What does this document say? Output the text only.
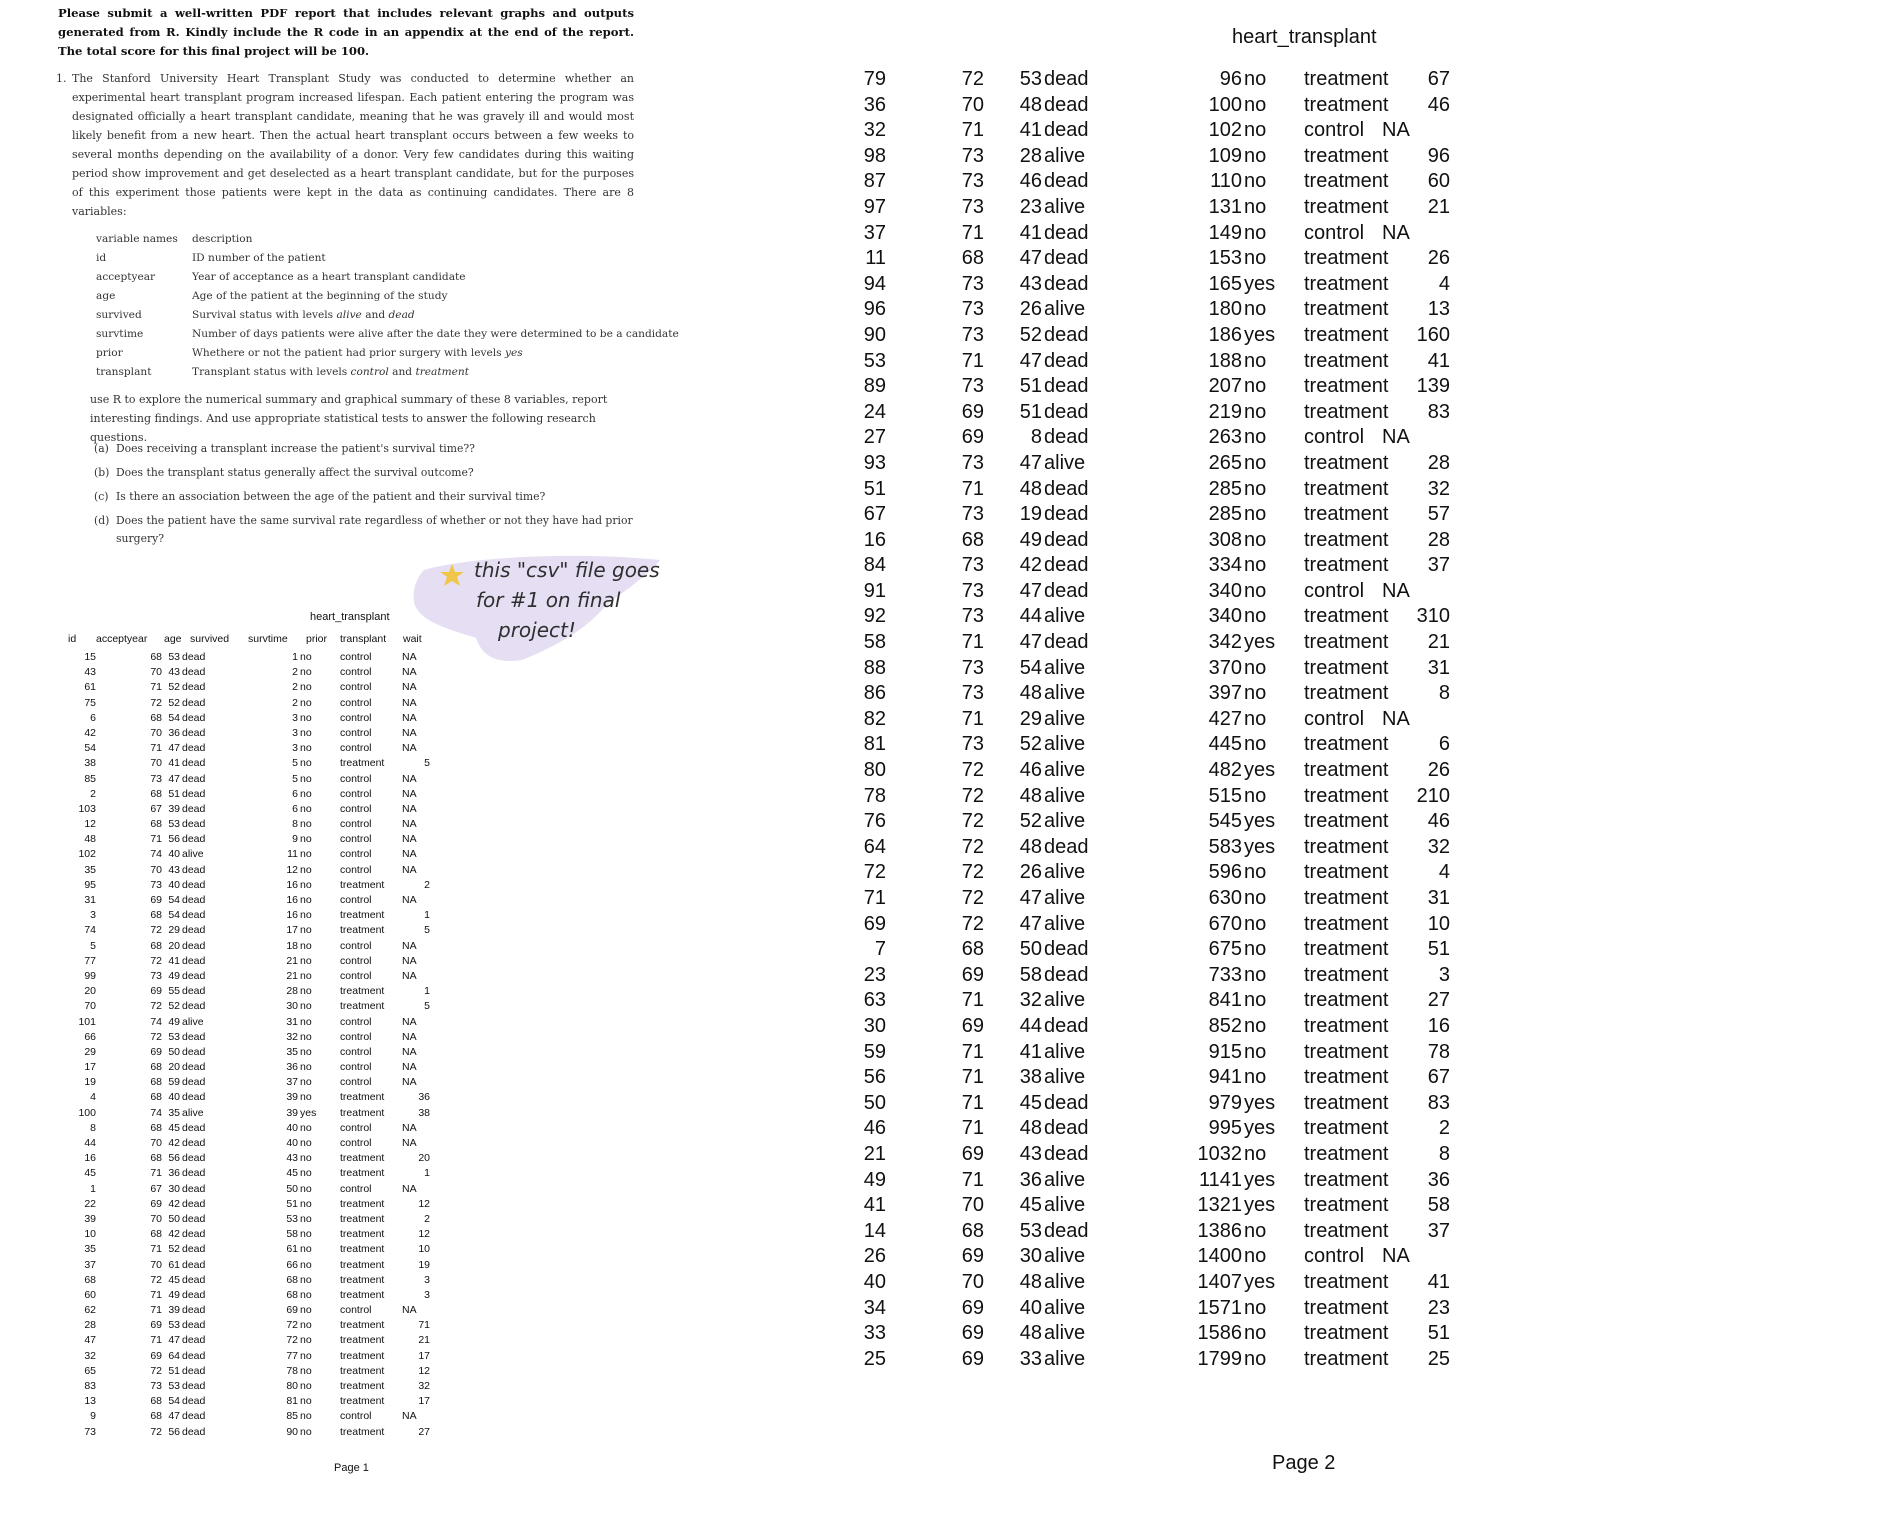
Please submit a well-written PDF report that includes relevant graphs and outputs generated from R. Kindly include the R code in an appendix at the end of the report. The total score for this final project will be 100.
1. The Stanford University Heart Transplant Study was conducted to determine whether an experimental heart transplant program increased lifespan. Each patient entering the program was designated officially a heart transplant candidate, meaning that he was gravely ill and would most likely benefit from a new heart. Then the actual heart transplant occurs between a few weeks to several months depending on the availability of a donor. Very few candidates during this waiting period show improvement and get deselected as a heart transplant candidate, but for the purposes of this experiment those patients were kept in the data as continuing candidates. There are 8 variables:
variable names description
id	ID number of the patient
acceptyear	Year of acceptance as a heart transplant candidate
age	Age of the patient at the beginning of the study
survived	Survival status with levels alive and dead
survtime	Number of days patients were alive after the date they were determined to be a candidate
prior	Whethere or not the patient had prior surgery with levels yes
transplant	Transplant status with levels control and treatment
use R to explore the numerical summary and graphical summary of these 8 variables, report interesting findings. And use appropriate statistical tests to answer the following research questions.
(a) Does receiving a transplant increase the patient's survival time??
(b) Does the transplant status generally affect the survival outcome?
(c) Is there an association between the age of the patient and their survival time?
(d) Does the patient have the same survival rate regardless of whether or not they have had prior surgery?
this "csv" file goes
for #1 on final
project!
heart_transplant
id acceptyear age survived survtime prior transplant wait
15	68 53 dead	1 no	control	NA
43	70 43 dead	2 no	control	NA
61	71 52 dead	2 no	control	NA
75	72 52 dead	2 no	control	NA
6	68 54 dead	3 no	control	NA
42	70 36 dead	3 no	control	NA
54	71 47 dead	3 no	control	NA
38	70 41 dead	5 no	treatment	5
85	73 47 dead	5 no	control	NA
2	68 51 dead	6 no	control	NA
103	67 39 dead	6 no	control	NA
12	68 53 dead	8 no	control	NA
48	71 56 dead	9 no	control	NA
102	74 40 alive	11 no	control	NA
35	70 43 dead	12 no	control	NA
95	73 40 dead	16 no	treatment	2
31	69 54 dead	16 no	control	NA
3	68 54 dead	16 no	treatment	1
74	72 29 dead	17 no	treatment	5
5	68 20 dead	18 no	control	NA
77	72 41 dead	21 no	control	NA
99	73 49 dead	21 no	control	NA
20	69 55 dead	28 no	treatment	1
70	72 52 dead	30 no	treatment	5
101	74 49 alive	31 no	control	NA
66	72 53 dead	32 no	control	NA
29	69 50 dead	35 no	control	NA
17	68 20 dead	36 no	control	NA
19	68 59 dead	37 no	control	NA
4	68 40 dead	39 no	treatment	36
100	74 35 alive	39 yes treatment	38
8	68 45 dead	40 no	control	NA
44	70 42 dead	40 no	control	NA
16	68 56 dead	43 no	treatment	20
45	71 36 dead	45 no	treatment	1
1	67 30 dead	50 no	control	NA
22	69 42 dead	51 no	treatment	12
39	70 50 dead	53 no	treatment	2
10	68 42 dead	58 no	treatment	12
35	71 52 dead	61 no	treatment	10
37	70 61 dead	66 no	treatment	19
68	72 45 dead	68 no	treatment	3
60	71 49 dead	68 no	treatment	3
62	71 39 dead	69 no	control	NA
28	69 53 dead	72 no	treatment	71
47	71 47 dead	72 no	treatment	21
32	69 64 dead	77 no	treatment	17
65	72 51 dead	78 no	treatment	12
83	73 53 dead	80 no	treatment	32
13	68 54 dead	81 no	treatment	17
9	68 47 dead	85 no	control	NA
73	72 56 dead	90 no	treatment	27
Page 1
heart_transplant
79	72	53 dead	96 no treatment	67
36	70	48 dead	100 no treatment	46
32	71	41 dead	102 no control NA
98	73	28 alive	109 no treatment	96
87	73	46 dead	110 no treatment	60
97	73	23 alive	131 no treatment	21
37	71	41 dead	149 no control NA
11	68	47 dead	153 no treatment	26
94	73	43 dead	165 yes treatment	4
96	73	26 alive	180 no treatment	13
90	73	52 dead	186 yes treatment	160
53	71	47 dead	188 no treatment	41
89	73	51 dead	207 no treatment	139
24	69	51 dead	219 no treatment	83
27	69	8 dead	263 no control NA
93	73	47 alive	265 no treatment	28
51	71	48 dead	285 no treatment	32
67	73	19 dead	285 no treatment	57
16	68	49 dead	308 no treatment	28
84	73	42 dead	334 no treatment	37
91	73	47 dead	340 no control NA
92	73	44 alive	340 no treatment	310
58	71	47 dead	342 yes treatment	21
88	73	54 alive	370 no treatment	31
86	73	48 alive	397 no treatment	8
82	71	29 alive	427 no control NA
81	73	52 alive	445 no treatment	6
80	72	46 alive	482 yes treatment	26
78	72	48 alive	515 no treatment	210
76	72	52 alive	545 yes treatment	46
64	72	48 dead	583 yes treatment	32
72	72	26 alive	596 no treatment	4
71	72	47 alive	630 no treatment	31
69	72	47 alive	670 no treatment	10
7	68	50 dead	675 no treatment	51
23	69	58 dead	733 no treatment	3
63	71	32 alive	841 no treatment	27
30	69	44 dead	852 no treatment	16
59	71	41 alive	915 no treatment	78
56	71	38 alive	941 no treatment	67
50	71	45 dead	979 yes treatment	83
46	71	48 dead	995 yes treatment	2
21	69	43 dead	1032 no treatment	8
49	71	36 alive	1141 yes treatment	36
41	70	45 alive	1321 yes treatment	58
14	68	53 dead	1386 no treatment	37
26	69	30 alive	1400 no control NA
40	70	48 alive	1407 yes treatment	41
34	69	40 alive	1571 no treatment	23
33	69	48 alive	1586 no treatment	51
25	69	33 alive	1799 no treatment	25
Page 2
